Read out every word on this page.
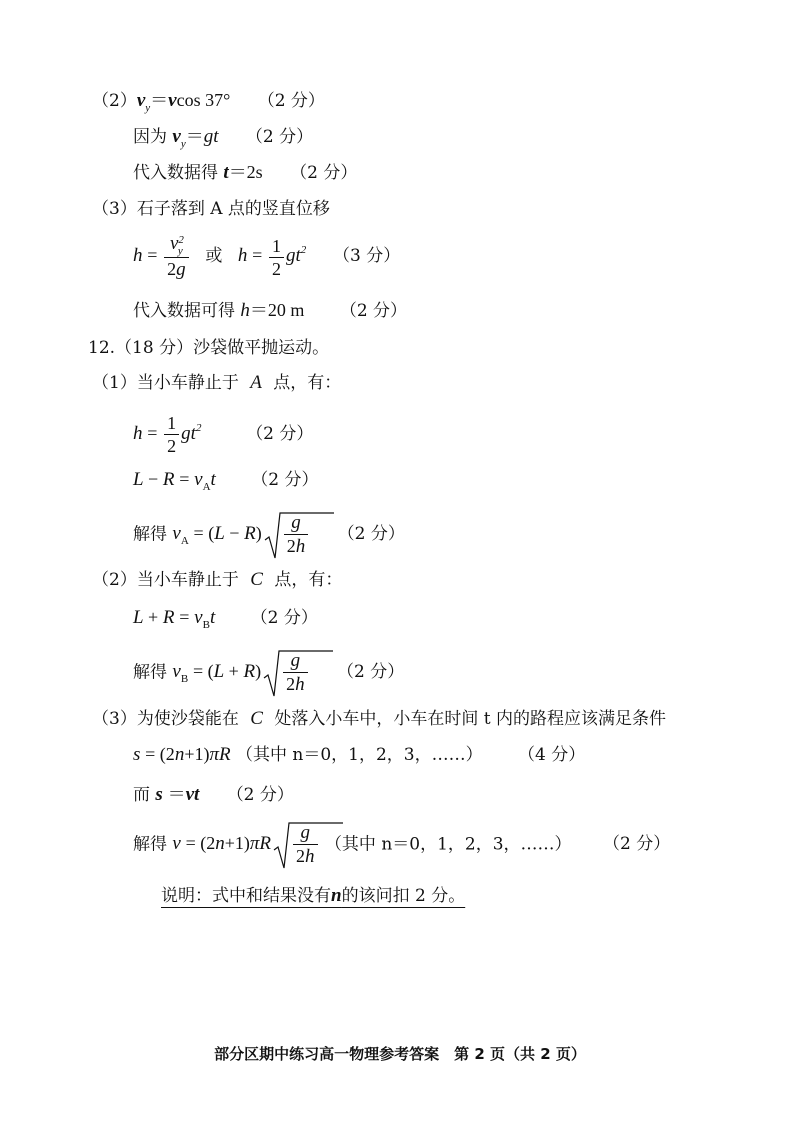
$(2)v_y=vcos$ 37° （2 分）
因为 $v_y=gt$ （2 分）
代入数据得 t＝2s （2 分）
（3）石子落到 A 点的竖直位移
$h = \frac{v^2_y}{2g}$ 或 $h = \frac{1}{2} gt^2$ （3 分）
代入数据可得 h＝20 m （2 分）
12.（18 分）沙袋做平抛运动。
（1）当小车静止于 A 点，有：
$h = \frac{1}{2} gt^2$	（2 分）
$L - R = v_At$ （2 分）
解得 $v_A = (L - R) \frac{g}{2h} (2$ 分）
（2）当小车静止于 C 点，有：
$L + R = v_Bt$ （2 分）
解得 $v_B = (L + R) \frac{g}{2h} (2$ 分）
（3）为使沙袋能在 C 处落入小车中，小车在时间 t 内的路程应该满足条件
s = (2n+1)πR （其中 n＝0，1，2，3，……） （4 分）
而 s ＝vt （2 分）
解得 $v = (2n+1)\pi R \frac{g}{2h}$ （其中 n＝0，1，2，3，……） （2 分）
说明：式中和结果没有n的该问扣 2 分。
部分区期中练习高一物理参考答案　第 2 页（共 2 页）
